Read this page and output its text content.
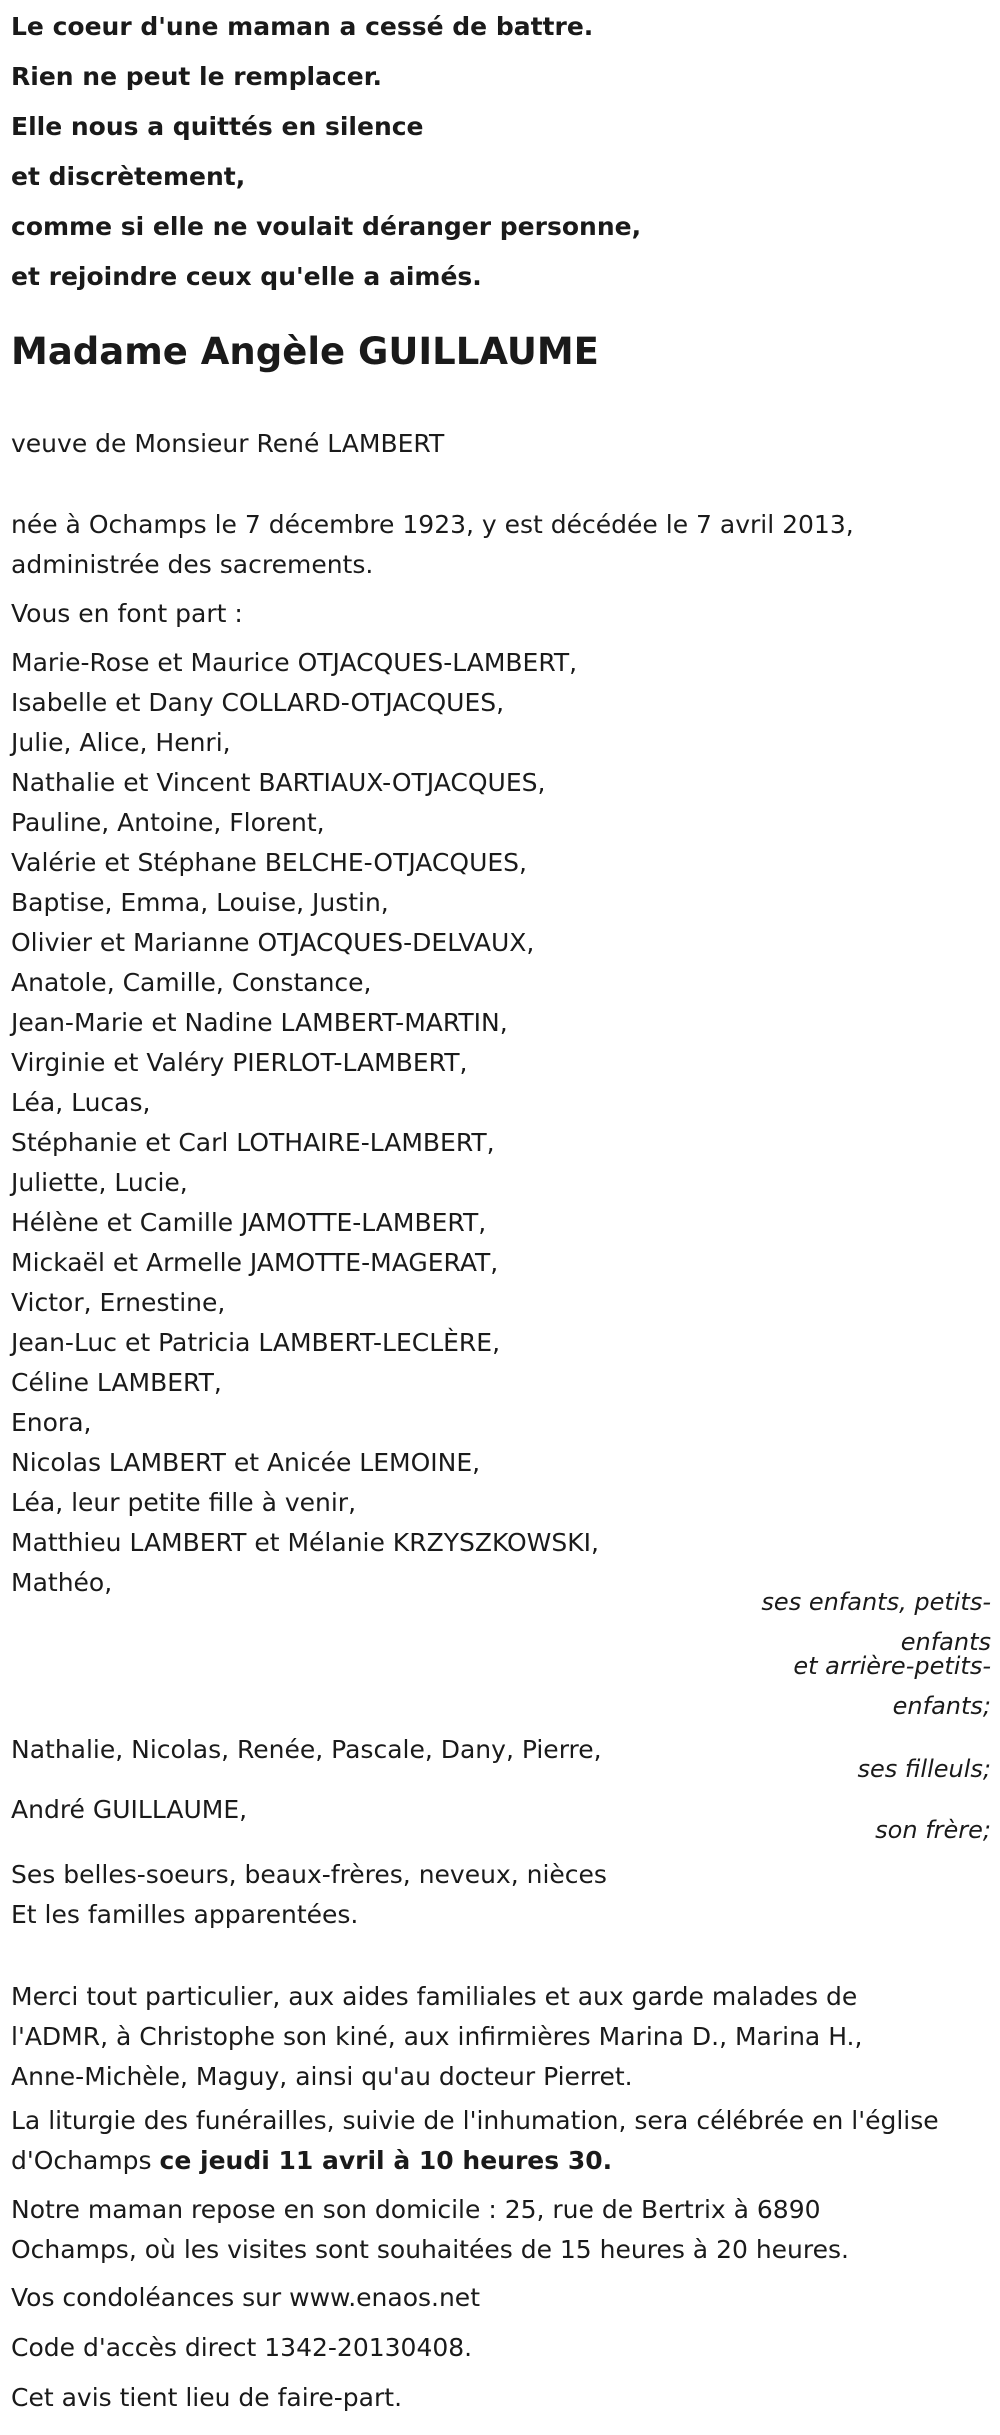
Le coeur d'une maman a cessé de battre.
Rien ne peut le remplacer.
Elle nous a quittés en silence
et discrètement,
comme si elle ne voulait déranger personne,
et rejoindre ceux qu'elle a aimés.
Madame Angèle GUILLAUME
veuve de Monsieur René LAMBERT
née à Ochamps le 7 décembre 1923, y est décédée le 7 avril 2013,
administrée des sacrements.
Vous en font part :
Marie-Rose et Maurice OTJACQUES-LAMBERT,
Isabelle et Dany COLLARD-OTJACQUES,
Julie, Alice, Henri,
Nathalie et Vincent BARTIAUX-OTJACQUES,
Pauline, Antoine, Florent,
Valérie et Stéphane BELCHE-OTJACQUES,
Baptise, Emma, Louise, Justin,
Olivier et Marianne OTJACQUES-DELVAUX,
Anatole, Camille, Constance,
Jean-Marie et Nadine LAMBERT-MARTIN,
Virginie et Valéry PIERLOT-LAMBERT,
Léa, Lucas,
Stéphanie et Carl LOTHAIRE-LAMBERT,
Juliette, Lucie,
Hélène et Camille JAMOTTE-LAMBERT,
Mickaël et Armelle JAMOTTE-MAGERAT,
Victor, Ernestine,
Jean-Luc et Patricia LAMBERT-LECLÈRE,
Céline LAMBERT,
Enora,
Nicolas LAMBERT et Anicée LEMOINE,
Léa, leur petite fille à venir,
Matthieu LAMBERT et Mélanie KRZYSZKOWSKI,
Mathéo,
ses enfants, petits-
enfants
et arrière-petits-
enfants;
Nathalie, Nicolas, Renée, Pascale, Dany, Pierre,
ses filleuls;
André GUILLAUME,
son frère;
Ses belles-soeurs, beaux-frères, neveux, nièces
Et les familles apparentées.
Merci tout particulier, aux aides familiales et aux garde malades de
l'ADMR, à Christophe son kiné, aux infirmières Marina D., Marina H.,
Anne-Michèle, Maguy, ainsi qu'au docteur Pierret.
La liturgie des funérailles, suivie de l'inhumation, sera célébrée en l'église
d'Ochamps ce jeudi 11 avril à 10 heures 30.
Notre maman repose en son domicile : 25, rue de Bertrix à 6890
Ochamps, où les visites sont souhaitées de 15 heures à 20 heures.
Vos condoléances sur www.enaos.net
Code d'accès direct 1342-20130408.
Cet avis tient lieu de faire-part.
